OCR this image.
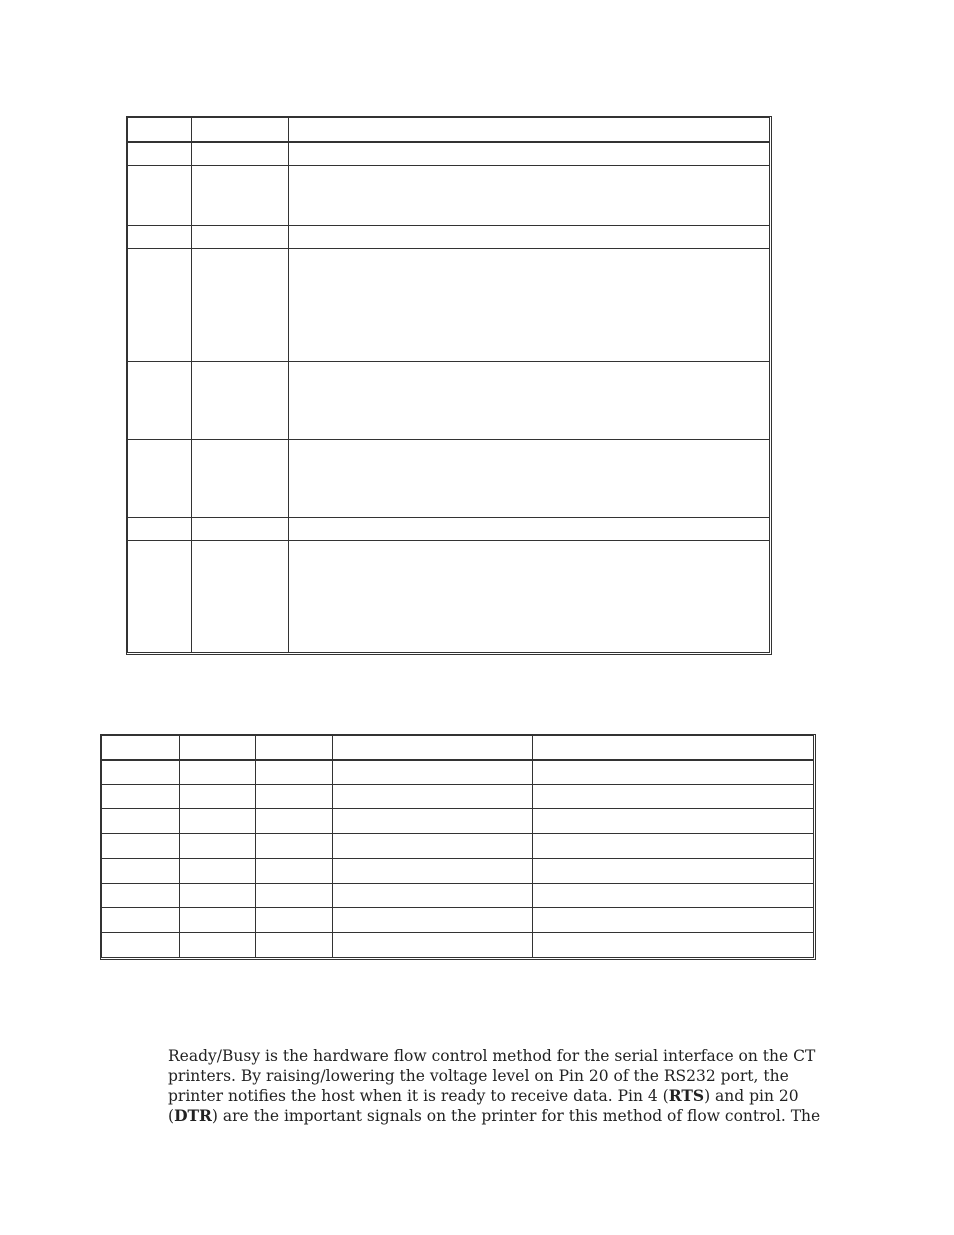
Ready/Busy is the hardware flow control method for the serial interface on the CT
printers. By raising/lowering the voltage level on Pin 20 of the RS232 port, the
printer notifies the host when it is ready to receive data. Pin 4 (RTS) and pin 20
(DTR) are the important signals on the printer for this method of flow control. The
